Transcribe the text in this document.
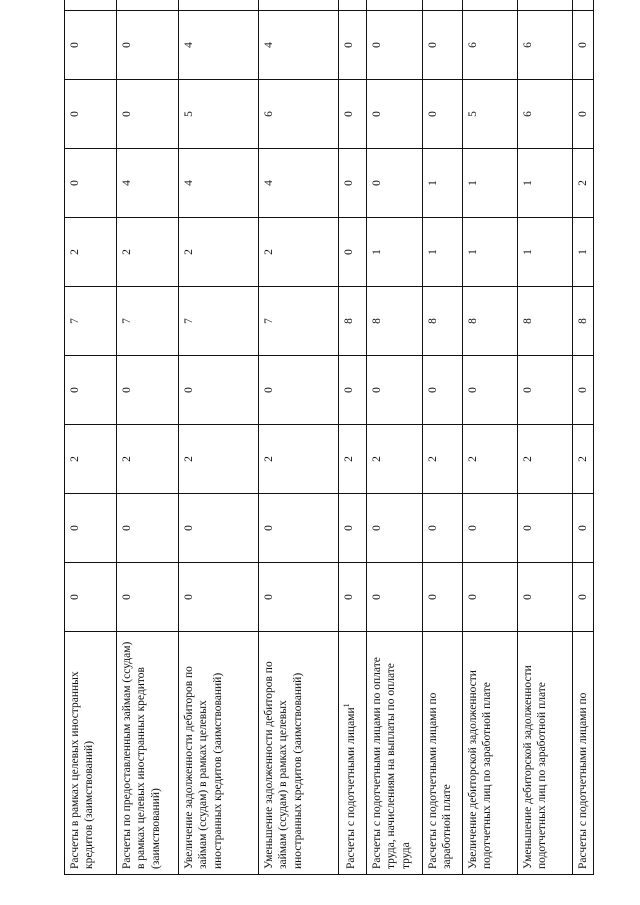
Расчеты в рамках целевых иностранных кредитов (заимствований)	0	0	2	0	7	2	0	0	0	
Расчеты по предоставленным займам (ссудам) в рамках целевых иностранных кредитов (заимствований)	0	0	2	0	7	2	4	0	0	
Увеличение задолженности дебиторов по займам (ссудам) в рамках целевых иностранных кредитов (заимствований)	0	0	2	0	7	2	4	5	4	
Уменьшение задолженности дебиторов по займам (ссудам) в рамках целевых иностранных кредитов (заимствований)	0	0	2	0	7	2	4	6	4	
Расчеты с подотчетными лицами$^1$	0	0	2	0	8	0	0	0	0	
Расчеты с подотчетными лицами по оплате труда, начислениям на выплаты по оплате труда	0	0	2	0	8	1	0	0	0	
Расчеты с подотчетными лицами по заработной плате	0	0	2	0	8	1	1	0	0	
Увеличение дебиторской задолженности подотчетных лиц по заработной плате	0	0	2	0	8	1	1	5	6	
Уменьшение дебиторской задолженности подотчетных лиц по заработной плате	0	0	2	0	8	1	1	6	6	
Расчеты с подотчетными лицами по	0	0	2	0	8	1	2	0	0	
